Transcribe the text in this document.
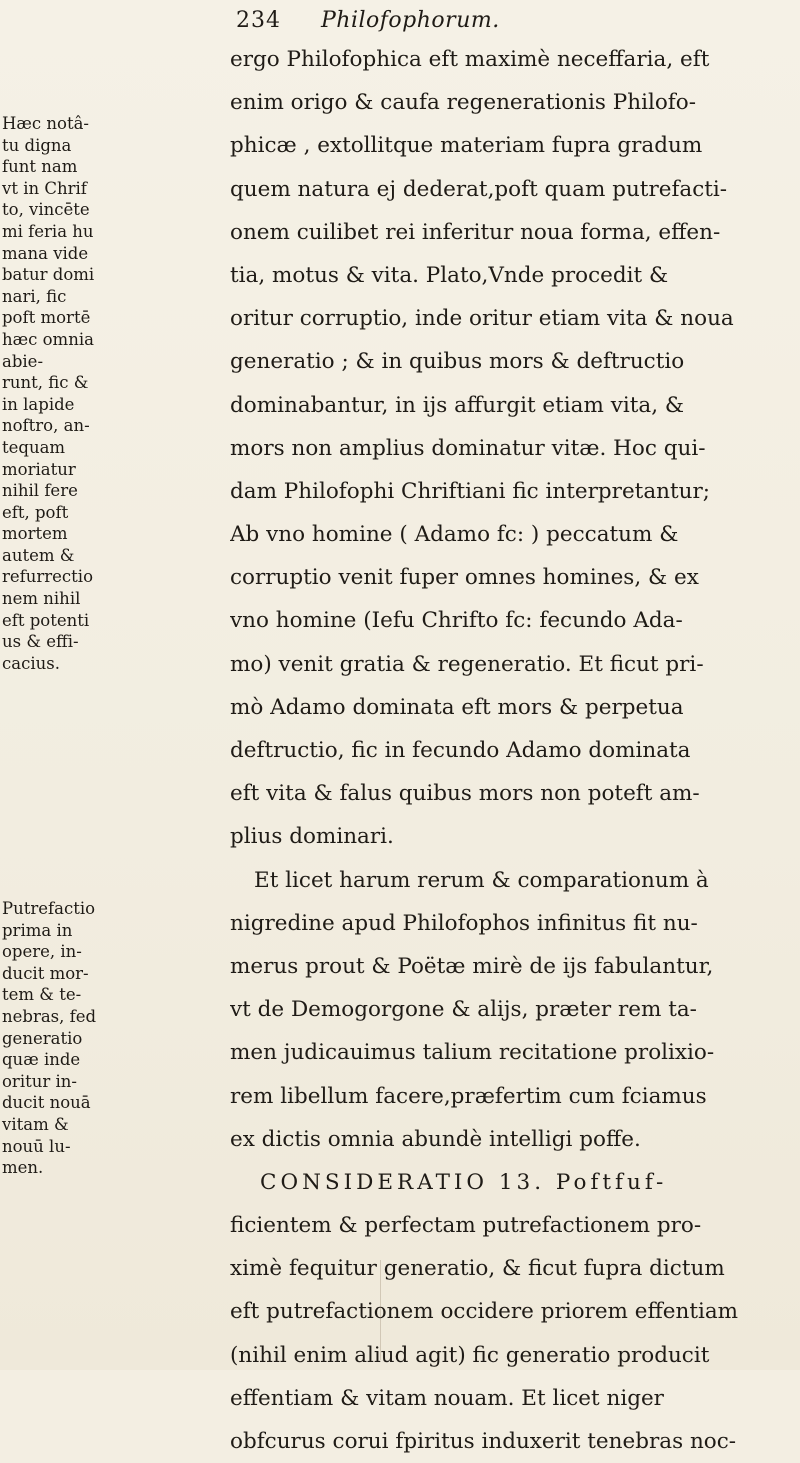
234 Philofophorum.
Hæc notâ-
tu digna
funt nam
vt in Chrif
to, vincēte
mi feria hu
mana vide
batur domi
nari, fic
poft mortē
hæc omnia
abie-
runt, fic &
in lapide
noftro, an-
tequam
moriatur
nihil fere
eft, poft
mortem
autem &
refurrectio
nem nihil
eft potenti
us & effi-
cacius.
Putrefactio
prima in
opere, in-
ducit mor-
tem & te-
nebras, fed
generatio
quæ inde
oritur in-
ducit nouā
vitam &
nouū lu-
men.
ergo Philofophica eft maximè neceffaria, eft
enim origo & caufa regenerationis Philofo-
phicæ , extollitque materiam fupra gradum
quem natura ej dederat,poft quam putrefacti-
onem cuilibet rei inferitur noua forma, effen-
tia, motus & vita. Plato,Vnde procedit &
oritur corruptio, inde oritur etiam vita & noua
generatio ; & in quibus mors & deftructio
dominabantur, in ijs affurgit etiam vita, &
mors non amplius dominatur vitæ. Hoc qui-
dam Philofophi Chriftiani fic interpretantur;
Ab vno homine ( Adamo fc: ) peccatum &
corruptio venit fuper omnes homines, & ex
vno homine (Iefu Chrifto fc: fecundo Ada-
mo) venit gratia & regeneratio. Et ficut pri-
mò Adamo dominata eft mors & perpetua
deftructio, fic in fecundo Adamo dominata
eft vita & falus quibus mors non poteft am-
plius dominari.
Et licet harum rerum & comparationum à
nigredine apud Philofophos infinitus fit nu-
merus prout & Poëtæ mirè de ijs fabulantur,
vt de Demogorgone & alijs, præter rem ta-
men judicauimus talium recitatione prolixio-
rem libellum facere,præfertim cum fciamus
ex dictis omnia abundè intelligi poffe.
CONSIDERATIO 13. Poftfuf-
ficientem & perfectam putrefactionem pro-
ximè fequitur generatio, & ficut fupra dictum
eft putrefactionem occidere priorem effentiam
(nihil enim aliud agit) fic generatio producit
effentiam & vitam nouam. Et licet niger
obfcurus corui fpiritus induxerit tenebras noc-
